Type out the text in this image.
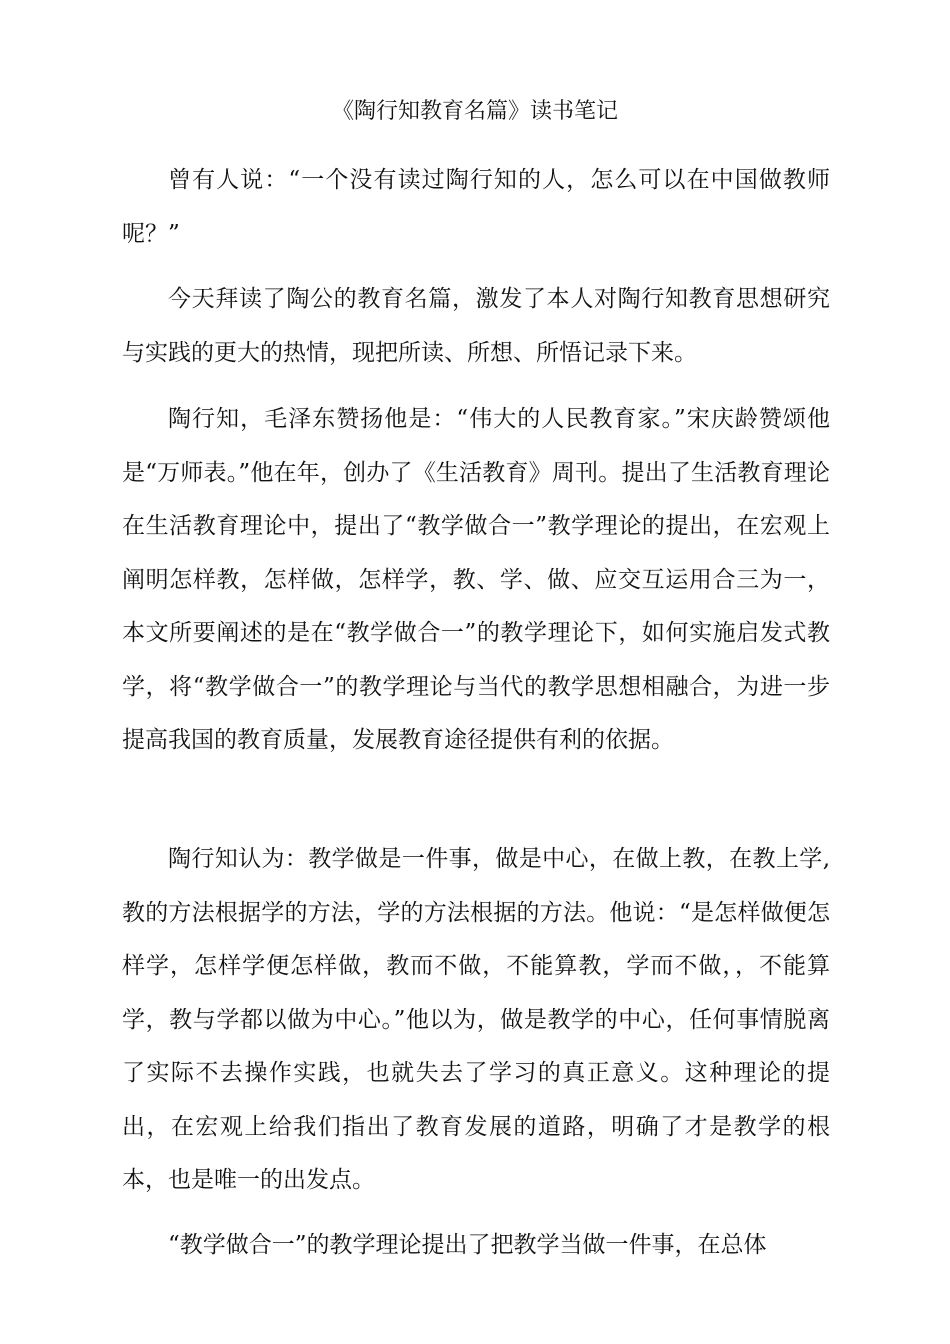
《陶行知教育名篇》读书笔记

曾有人说：“一个没有读过陶行知的人，怎么可以在中国做教师呢？”

今天拜读了陶公的教育名篇，激发了本人对陶行知教育思想研究与实践的更大的热情，现把所读、所想、所悟记录下来。

陶行知，毛泽东赞扬他是：“伟大的人民教育家。”宋庆龄赞颂他是“万师表。”他在年，创办了《生活教育》周刊。提出了生活教育理论在生活教育理论中，提出了“教学做合一”教学理论的提出，在宏观上阐明怎样教，怎样做，怎样学，教、学、做、应交互运用合三为一，本文所要阐述的是在“教学做合一”的教学理论下，如何实施启发式教学，将“教学做合一”的教学理论与当代的教学思想相融合，为进一步提高我国的教育质量，发展教育途径提供有利的依据。

陶行知认为：教学做是一件事，做是中心，在做上教，在教上学,教的方法根据学的方法，学的方法根据的方法。他说：“是怎样做便怎样学，怎样学便怎样做，教而不做，不能算教，学而不做，，不能算学，教与学都以做为中心。”他以为，做是教学的中心，任何事情脱离了实际不去操作实践，也就失去了学习的真正意义。这种理论的提出，在宏观上给我们指出了教育发展的道路，明确了才是教学的根本，也是唯一的出发点。

“教学做合一”的教学理论提出了把教学当做一件事，在总体
